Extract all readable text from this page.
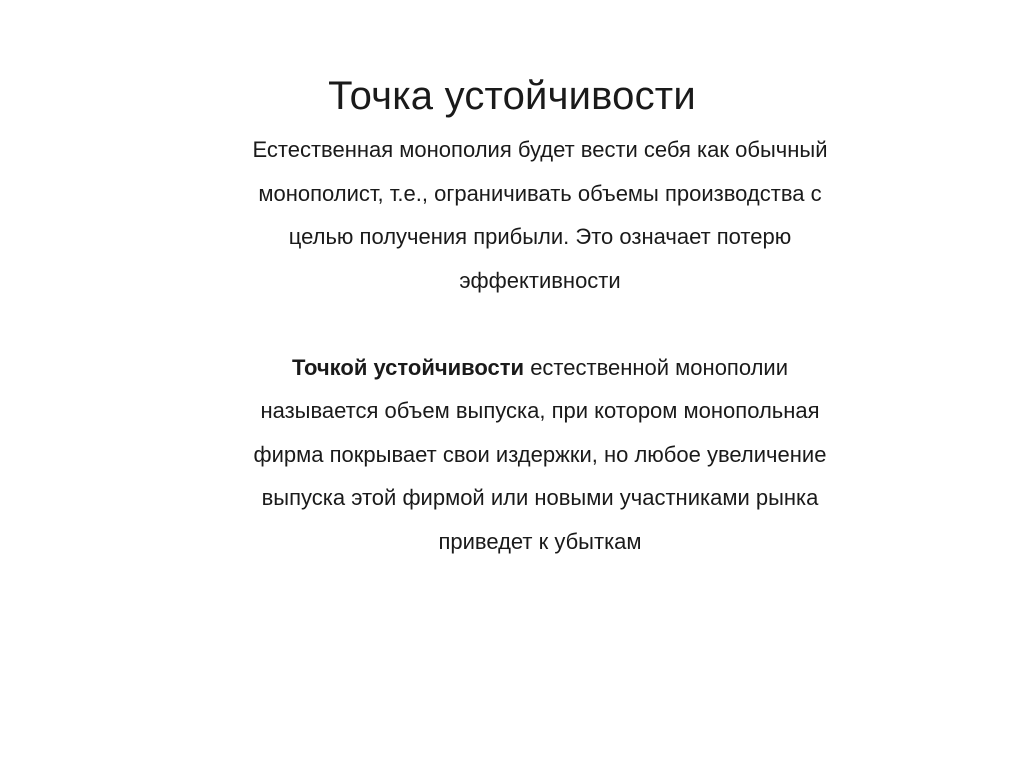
Точка устойчивости
Естественная монополия будет вести себя как обычный
монополист, т.е., ограничивать объемы производства с
целью получения прибыли. Это означает потерю
эффективности
Точкой устойчивости естественной монополии
называется объем выпуска, при котором монопольная
фирма покрывает свои издержки, но любое увеличение
выпуска этой фирмой или новыми участниками рынка
приведет к убыткам
